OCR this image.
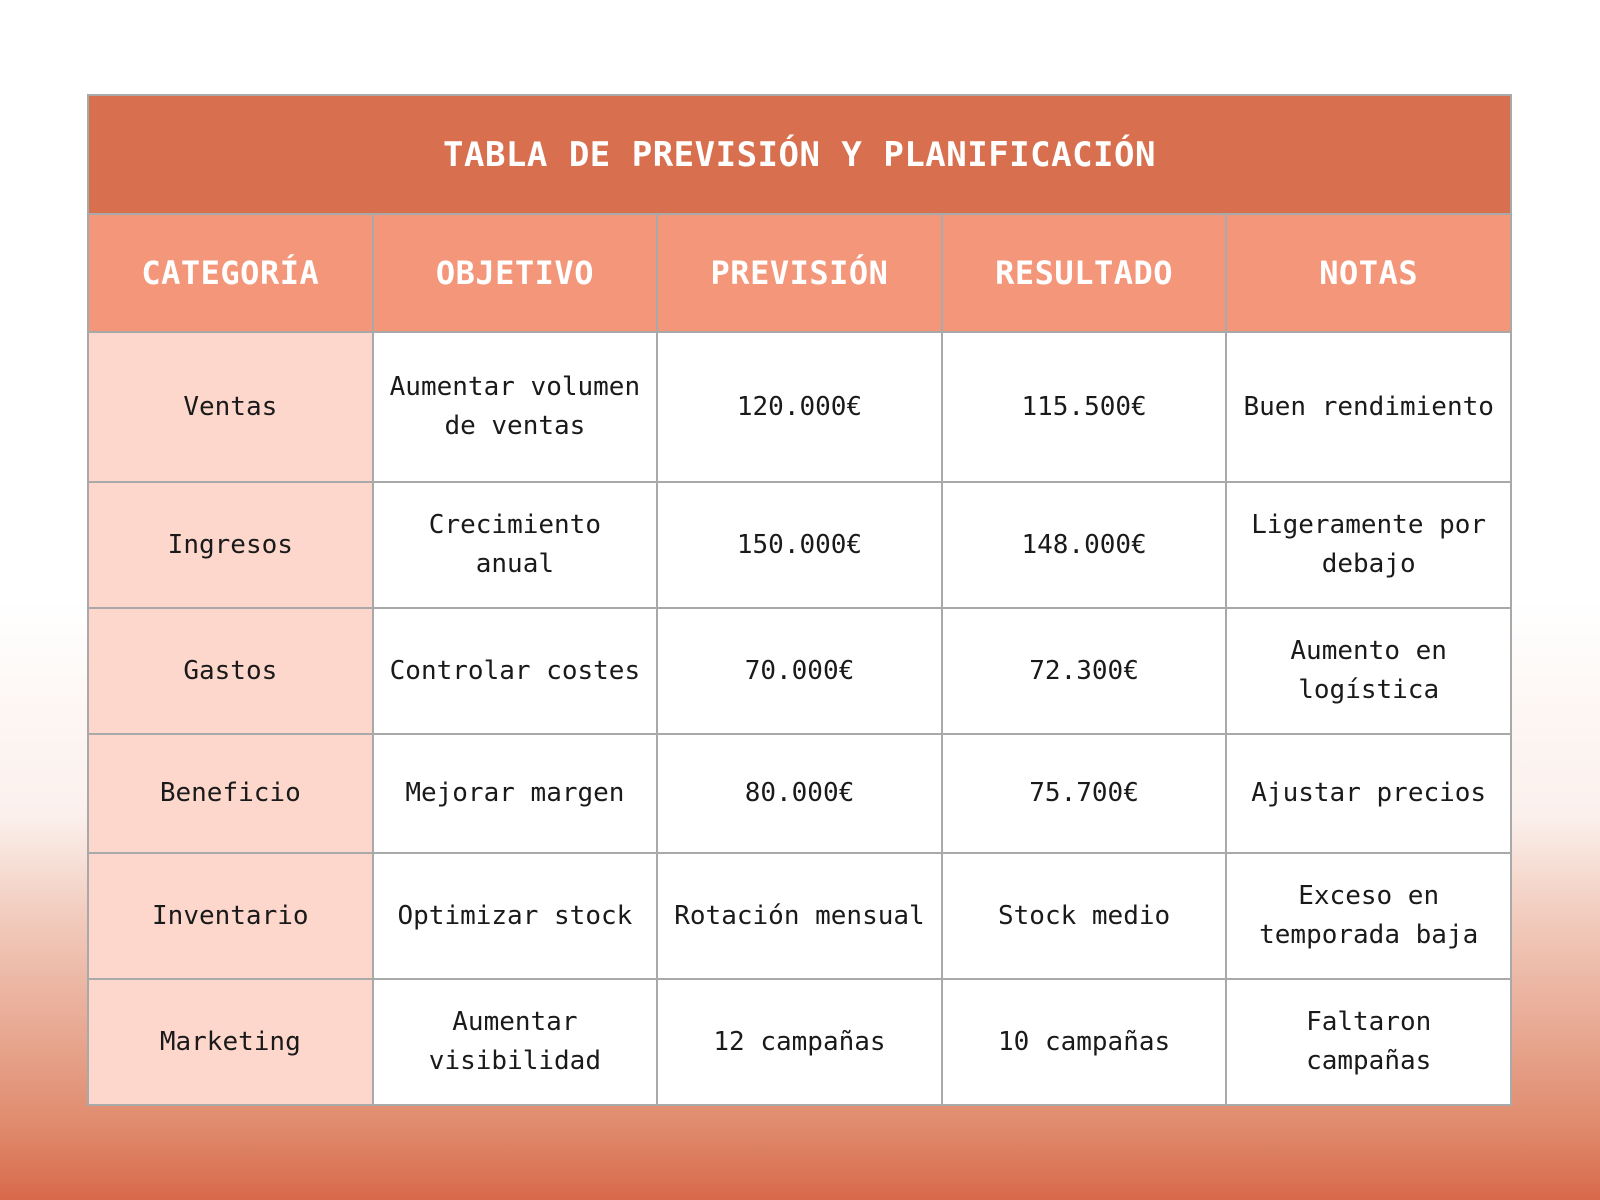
TABLA DE PREVISIÓN Y PLANIFICACIÓN				
CATEGORÍA	OBJETIVO	PREVISIÓN	RESULTADO	NOTAS
Ventas	Aumentar volumen de ventas	120.000€	115.500€	Buen rendimiento
Ingresos	Crecimiento anual	150.000€	148.000€	Ligeramente por debajo
Gastos	Controlar costes	70.000€	72.300€	Aumento en logística
Beneficio	Mejorar margen	80.000€	75.700€	Ajustar precios
Inventario	Optimizar stock	Rotación mensual	Stock medio	Exceso en temporada baja
Marketing	Aumentar visibilidad	12 campañas	10 campañas	Faltaron campañas
